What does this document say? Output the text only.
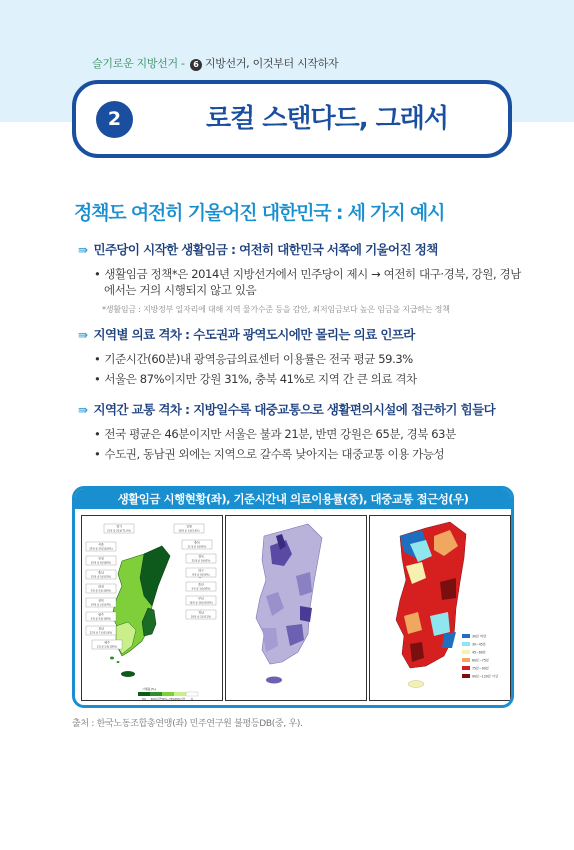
슬기로운 지방선거 - 6 지방선거, 이것부터 시작하자
2	로컬 스탠다드, 그래서
정책도 여전히 기울어진 대한민국 : 세 가지 예시
⇛ 민주당이 시작한 생활임금 : 여전히 대한민국 서쪽에 기울어진 정책
• 생활임금 정책*은 2014년 지방선거에서 민주당이 제시 → 여전히 대구·경북, 강원, 경남
에서는 거의 시행되지 않고 있음
*생활임금 : 지방정부 일자리에 대해 지역 물가수준 등을 감안, 최저임금보다 높은 임금을 지급하는 정책
⇛ 지역별 의료 격차 : 수도권과 광역도시에만 몰리는 의료 인프라
• 기준시간(60분)내 광역응급의료센터 이용률은 전국 평균 59.3%
• 서울은 87%이지만 강원 31%, 충북 41%로 지역 간 큰 의료 격차
⇛ 지역간 교통 격차 : 지방일수록 대중교통으로 생활편의시설에 접근하기 힘들다
• 전국 평균은 46분이지만 서울은 불과 21분, 반면 강원은 65분, 경북 63분
• 수도권, 동남권 외에는 지역으로 갈수록 낮아지는 대중교통 이용 가능성
생활임금 시행현황(좌), 기준시간내 의료이용률(중), 대중교통 접근성(우)
시행률(%)
경기
31개 중 22곳(71.0%)
강원
18개 중 1곳(5.6%)
서울
25개 중 25곳(100%)
충북
11개 중 0곳(0%)
인천
10개 중 6곳(60%)
경북
23개 중 0곳(0%)
충남
15개 중 5곳(33%)
대구
8개 중 0곳(0%)
대전
5개 중 5곳(100%)
울산
5개 중 1곳(20%)
전북
14개 중 2곳(14%)
부산
16개 중 16곳(100%)
광주
5개 중 5곳(100%)
경남
18개 중 2곳(11%)
전남
22개 중 7곳(31.8%)
제주
2개 중 2곳(100%)
0% 30%미만 30%~70% 70%이상 0
30분 미만
30~45분
45~60분
60분~75분
75분~90분
90분~120분 이상
출처 : 한국노동조합총연맹(좌) 민주연구원 불평등DB(중, 우).
